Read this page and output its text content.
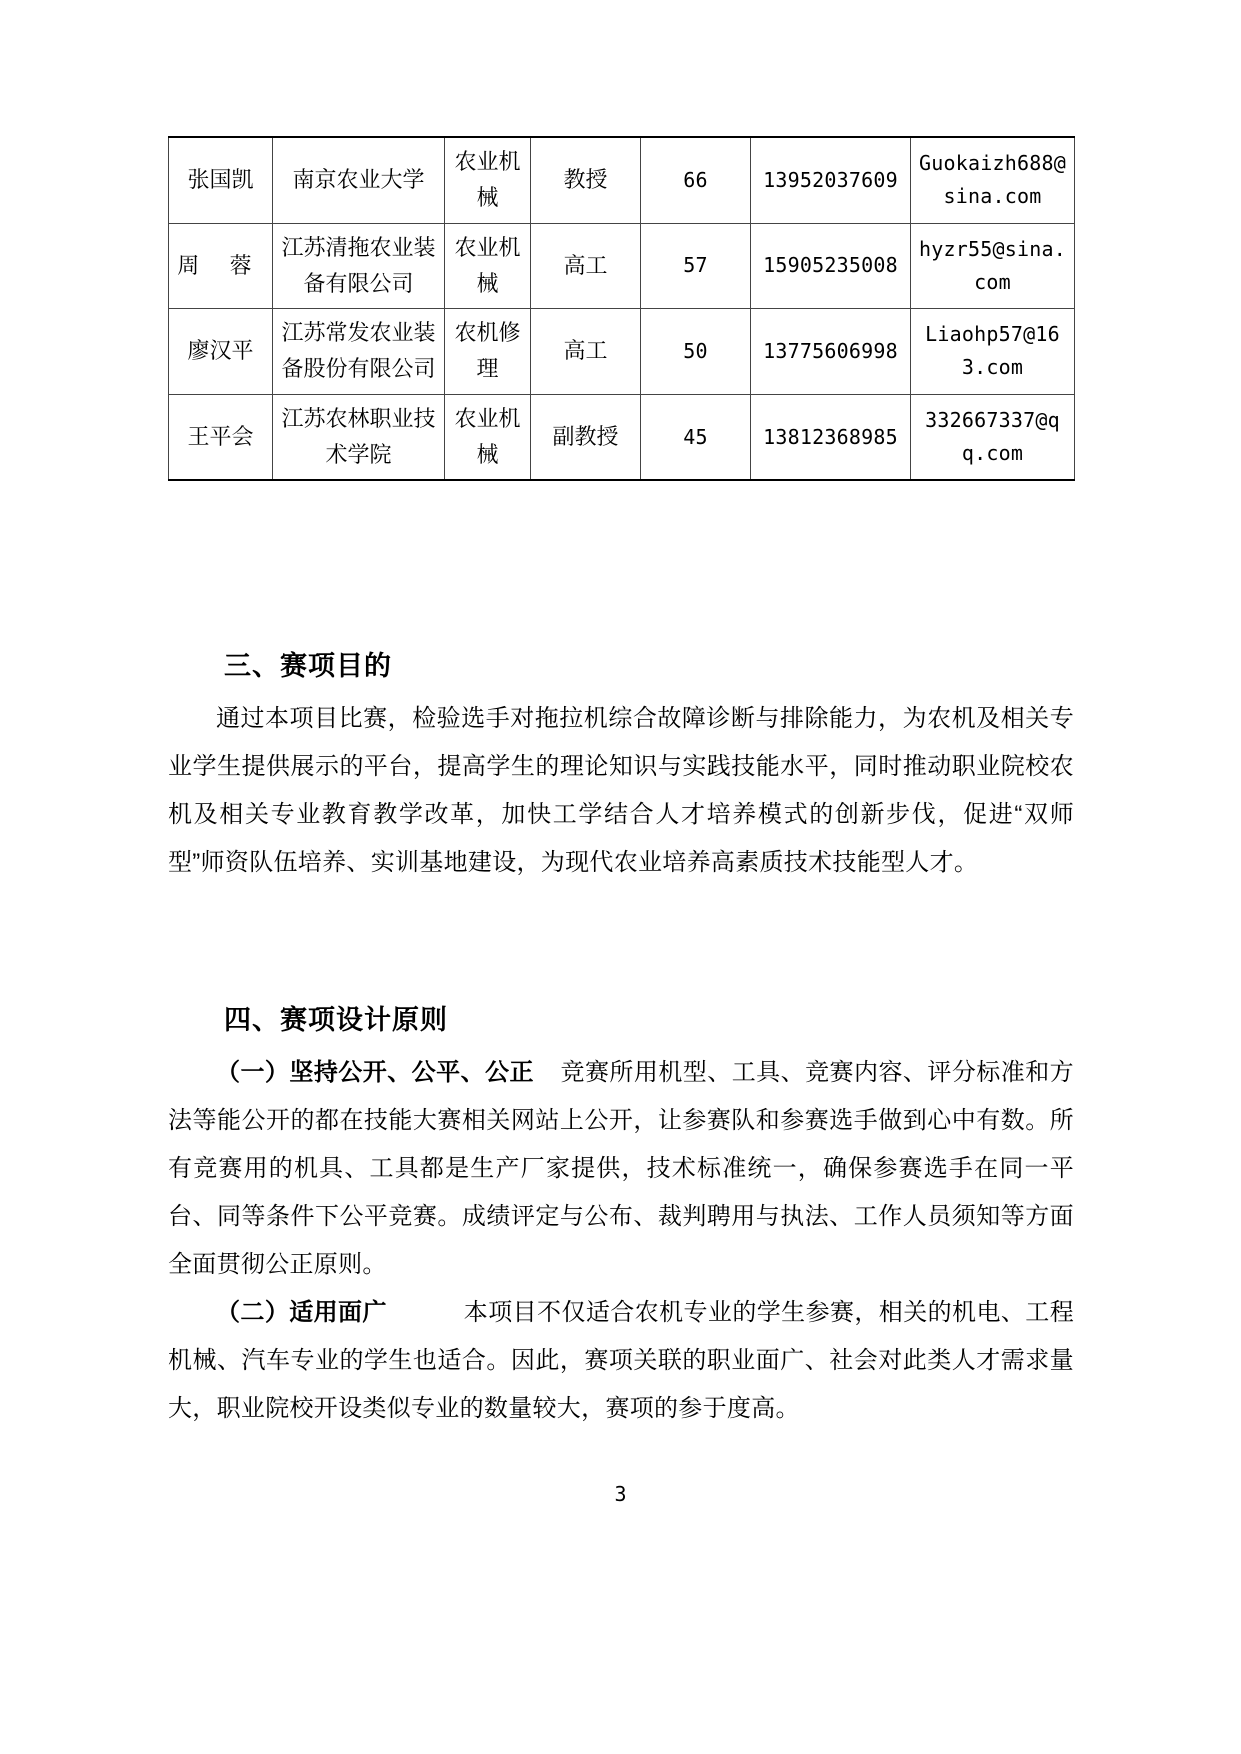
张国凯	南京农业大学	农业机械	教授	66	13952037609	Guokaizh688@sina.com
周 蓉	江苏清拖农业装备有限公司	农业机械	高工	57	15905235008	hyzr55@sina.com
廖汉平	江苏常发农业装备股份有限公司	农机修理	高工	50	13775606998	Liaohp57@163.com
王平会	江苏农林职业技术学院	农业机械	副教授	45	13812368985	332667337@qq.com
三、赛项目的

通过本项目比赛，检验选手对拖拉机综合故障诊断与排除能力，为农机及相关专业学生提供展示的平台，提高学生的理论知识与实践技能水平，同时推动职业院校农机及相关专业教育教学改革，加快工学结合人才培养模式的创新步伐，促进“双师型”师资队伍培养、实训基地建设，为现代农业培养高素质技术技能型人才。

四、赛项设计原则

（一）坚持公开、公平、公正 竞赛所用机型、工具、竞赛内容、评分标准和方法等能公开的都在技能大赛相关网站上公开，让参赛队和参赛选手做到心中有数。所有竞赛用的机具、工具都是生产厂家提供，技术标准统一，确保参赛选手在同一平台、同等条件下公平竞赛。成绩评定与公布、裁判聘用与执法、工作人员须知等方面全面贯彻公正原则。

（二）适用面广	本项目不仅适合农机专业的学生参赛，相关的机电、工程机械、汽车专业的学生也适合。因此，赛项关联的职业面广、社会对此类人才需求量大，职业院校开设类似专业的数量较大，赛项的参于度高。

3
